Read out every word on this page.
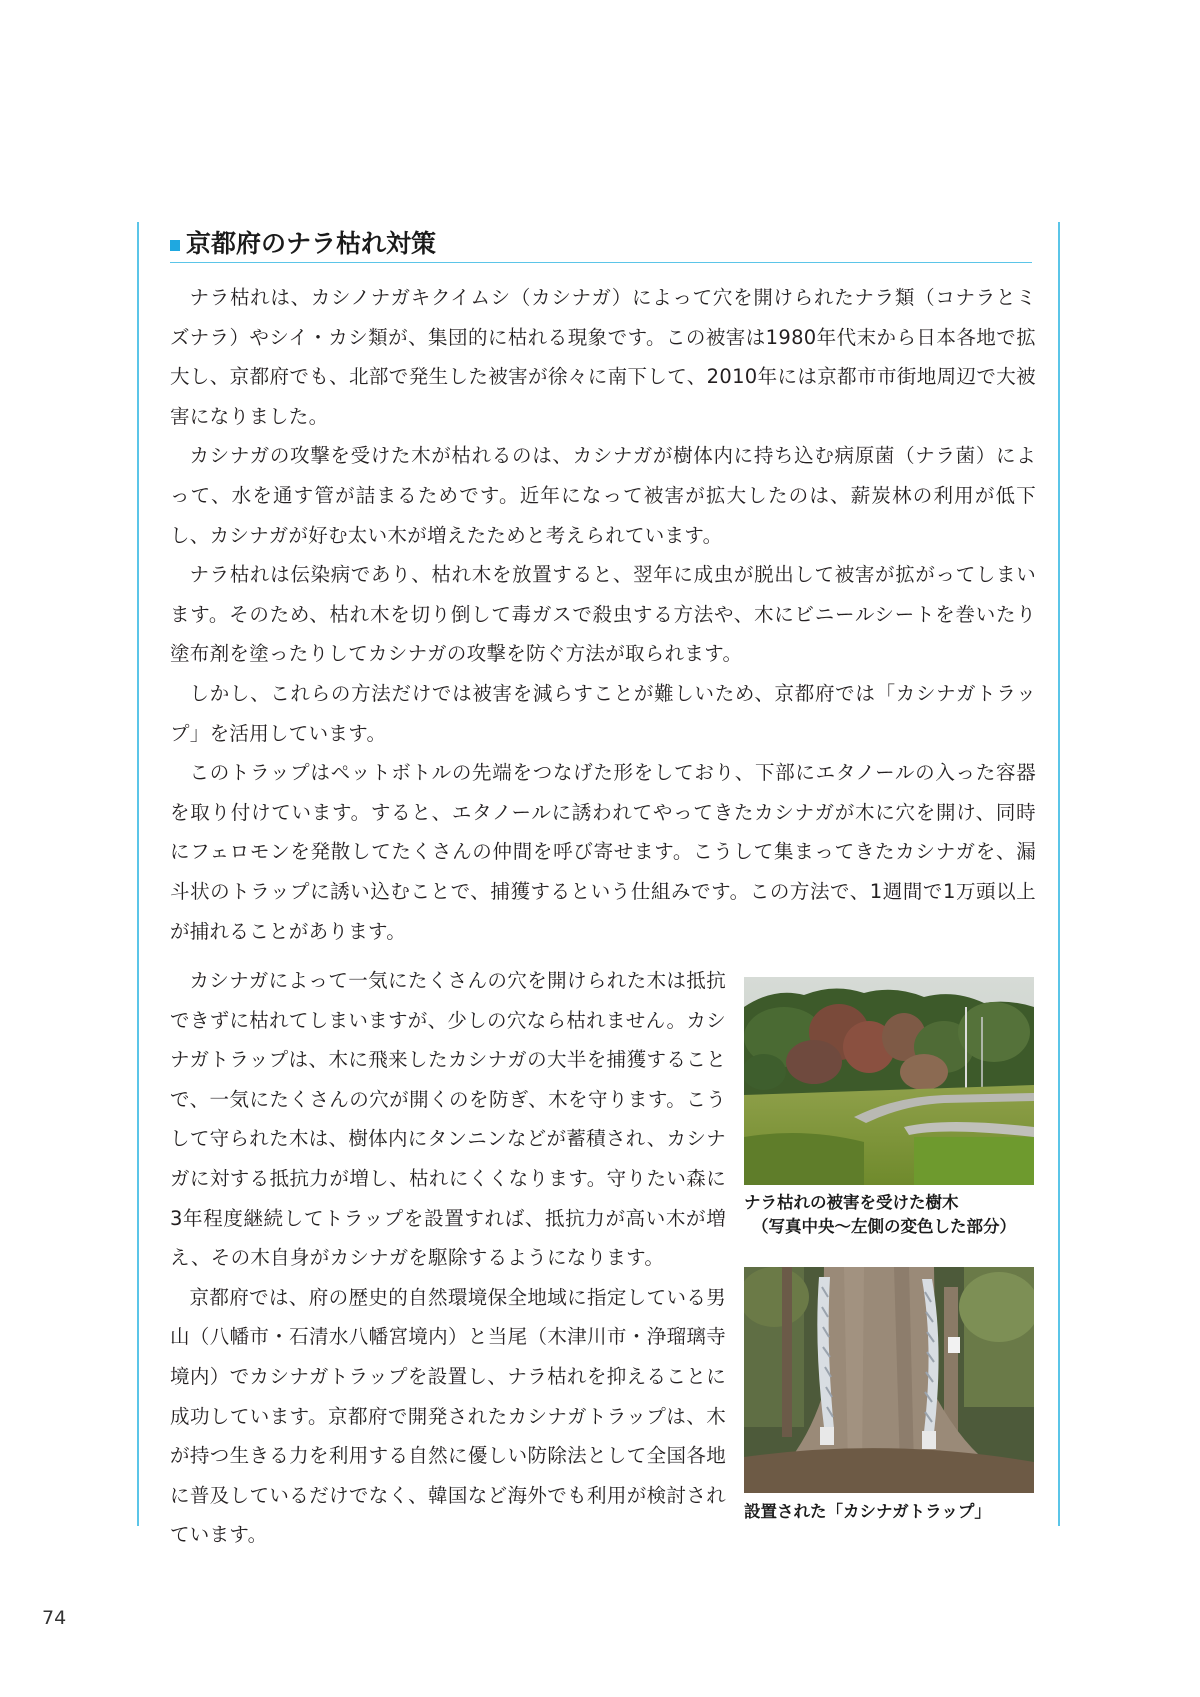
京都府のナラ枯れ対策

ナラ枯れは、カシノナガキクイムシ（カシナガ）によって穴を開けられたナラ類（コナラとミズナラ）やシイ・カシ類が、集団的に枯れる現象です。この被害は1980年代末から日本各地で拡大し、京都府でも、北部で発生した被害が徐々に南下して、2010年には京都市市街地周辺で大被害になりました。

カシナガの攻撃を受けた木が枯れるのは、カシナガが樹体内に持ち込む病原菌（ナラ菌）によって、水を通す管が詰まるためです。近年になって被害が拡大したのは、薪炭林の利用が低下し、カシナガが好む太い木が増えたためと考えられています。

ナラ枯れは伝染病であり、枯れ木を放置すると、翌年に成虫が脱出して被害が拡がってしまいます。そのため、枯れ木を切り倒して毒ガスで殺虫する方法や、木にビニールシートを巻いたり塗布剤を塗ったりしてカシナガの攻撃を防ぐ方法が取られます。

しかし、これらの方法だけでは被害を減らすことが難しいため、京都府では「カシナガトラップ」を活用しています。

このトラップはペットボトルの先端をつなげた形をしており、下部にエタノールの入った容器を取り付けています。すると、エタノールに誘われてやってきたカシナガが木に穴を開け、同時にフェロモンを発散してたくさんの仲間を呼び寄せます。こうして集まってきたカシナガを、漏斗状のトラップに誘い込むことで、捕獲するという仕組みです。この方法で、1週間で1万頭以上が捕れることがあります。

カシナガによって一気にたくさんの穴を開けられた木は抵抗できずに枯れてしまいますが、少しの穴なら枯れません。カシナガトラップは、木に飛来したカシナガの大半を捕獲することで、一気にたくさんの穴が開くのを防ぎ、木を守ります。こうして守られた木は、樹体内にタンニンなどが蓄積され、カシナガに対する抵抗力が増し、枯れにくくなります。守りたい森に3年程度継続してトラップを設置すれば、抵抗力が高い木が増え、その木自身がカシナガを駆除するようになります。

京都府では、府の歴史的自然環境保全地域に指定している男山（八幡市・石清水八幡宮境内）と当尾（木津川市・浄瑠璃寺境内）でカシナガトラップを設置し、ナラ枯れを抑えることに成功しています。京都府で開発されたカシナガトラップは、木が持つ生きる力を利用する自然に優しい防除法として全国各地に普及しているだけでなく、韓国など海外でも利用が検討されています。

ナラ枯れの被害を受けた樹木
（写真中央～左側の変色した部分）
設置された「カシナガトラップ」
74
